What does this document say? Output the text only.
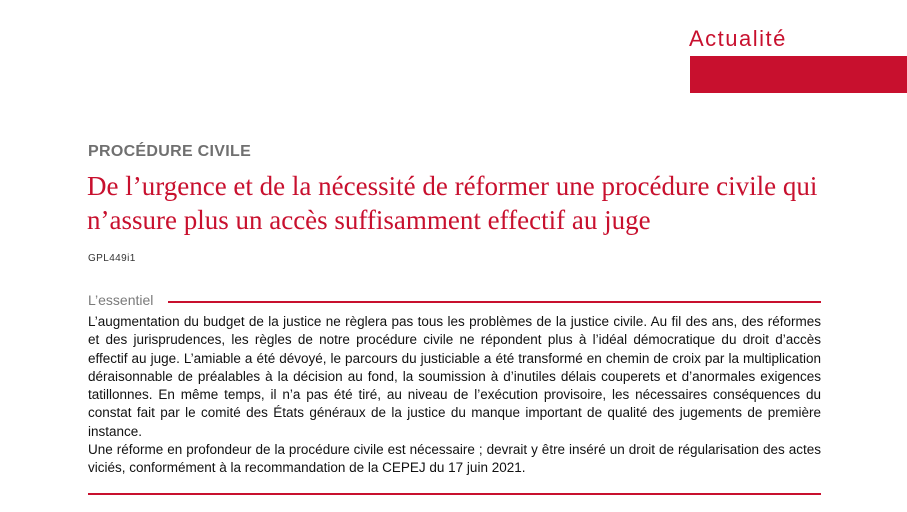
Actualité
PROCÉDURE CIVILE
De l’urgence et de la nécessité de réformer une procédure civile qui n’assure plus un accès suffisamment effectif au juge
GPL449i1
L’essentiel

L’augmentation du budget de la justice ne règlera pas tous les problèmes de la justice civile. Au fil des ans, des réformes et des jurisprudences, les règles de notre procédure civile ne répondent plus à l’idéal démocratique du droit d’accès effectif au juge. L’amiable a été dévoyé, le parcours du justiciable a été transformé en chemin de croix par la multiplication déraisonnable de préalables à la décision au fond, la soumission à d’inutiles délais couperets et d’anormales exigences tatillonnes. En même temps, il n’a pas été tiré, au niveau de l’exécution provisoire, les nécessaires conséquences du constat fait par le comité des États généraux de la justice du manque important de qualité des jugements de première instance.

Une réforme en profondeur de la procédure civile est nécessaire ; devrait y être inséré un droit de régularisation des actes viciés, conformément à la recommandation de la CEPEJ du 17 juin 2021.
